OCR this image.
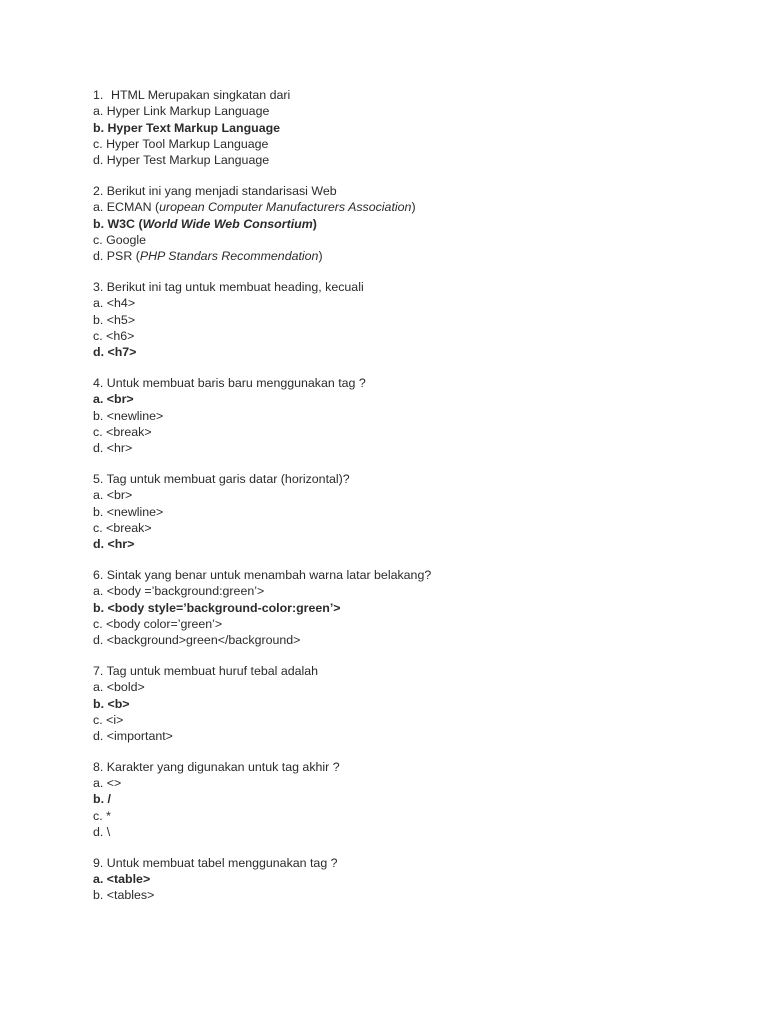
1. HTML Merupakan singkatan dari
a. Hyper Link Markup Language
b. Hyper Text Markup Language
c. Hyper Tool Markup Language
d. Hyper Test Markup Language
2. Berikut ini yang menjadi standarisasi Web
a. ECMAN (uropean Computer Manufacturers Association)
b. W3C (World Wide Web Consortium)
c. Google
d. PSR (PHP Standars Recommendation)
3. Berikut ini tag untuk membuat heading, kecuali
a. <h4>
b. <h5>
c. <h6>
d. <h7>
4. Untuk membuat baris baru menggunakan tag ?
a. <br>
b. <newline>
c. <break>
d. <hr>
5. Tag untuk membuat garis datar (horizontal)?
a. <br>
b. <newline>
c. <break>
d. <hr>
6. Sintak yang benar untuk menambah warna latar belakang?
a. <body =’background:green’>
b. <body style=’background-color:green’>
c. <body color=’green’>
d. <background>green</background>
7. Tag untuk membuat huruf tebal adalah
a. <bold>
b. <b>
c. <i>
d. <important>
8. Karakter yang digunakan untuk tag akhir ?
a. <>
b. /
c. *
d. \
9. Untuk membuat tabel menggunakan tag ?
a. <table>
b. <tables>
